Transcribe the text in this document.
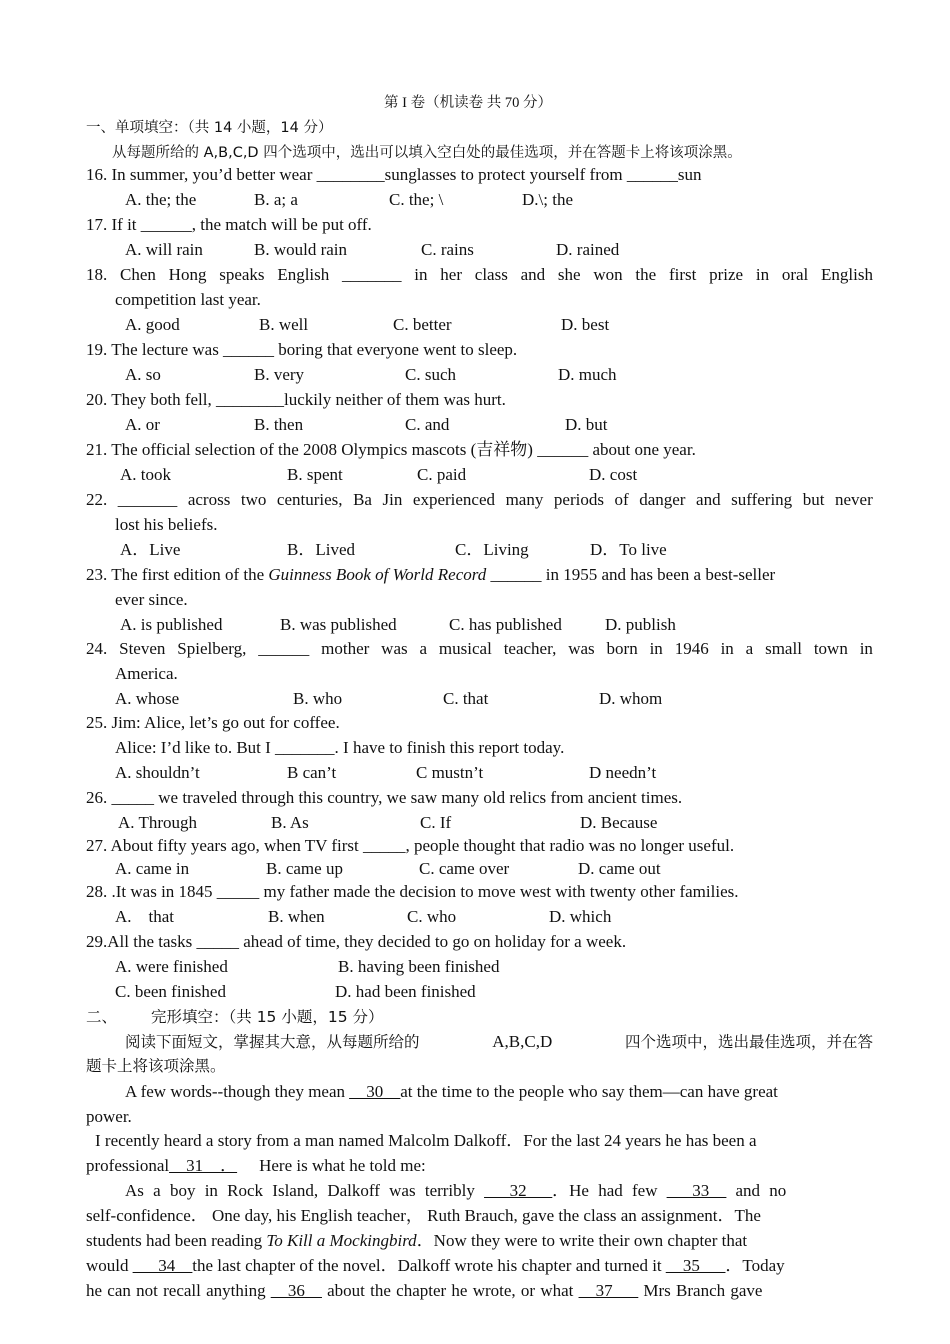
第 I 卷（机读卷 共 70 分）
一、单项填空：（共 14 小题，14 分）
从每题所给的 A,B,C,D 四个选项中，选出可以填入空白处的最佳选项，并在答题卡上将该项涂黑。
16. In summer, you’d better wear ________sunglasses to protect yourself from ______sun
A. the; the	B. a; a	C. the; \	D.\; the
17. If it ______, the match will be put off.
A. will rain	B. would rain	C. rains	D. rained
18. Chen Hong speaks English _______ in her class and she won the first prize in oral English
competition last year.
A. good	B. well	C. better	D. best
19. The lecture was ______ boring that everyone went to sleep.
A. so	B. very	C. such	D. much
20. They both fell, ________luckily neither of them was hurt.
A. or	B. then	C. and	D. but
21. The official selection of the 2008 Olympics mascots (吉祥物) ______ about one year.
A. took	B. spent	C. paid	D. cost
22. _______ across two centuries, Ba Jin experienced many periods of danger and suffering but never
lost his beliefs.
A．Live	B．Lived	C．Living	D．To live
23. The first edition of the Guinness Book of World Record ______ in 1955 and has been a best-seller
ever since.
A. is published	B. was published	C. has published	D. publish
24. Steven Spielberg, ______ mother was a musical teacher, was born in 1946 in a small town in
America.
A. whose	B. who	C. that	D. whom
25. Jim: Alice, let’s go out for coffee.
Alice: I’d like to. But I _______. I have to finish this report today.
A. shouldn’t	B can’t	C mustn’t	D needn’t
26. _____ we traveled through this country, we saw many old relics from ancient times.
A. Through	B. As	C. If	D. Because
27. About fifty years ago, when TV first _____, people thought that radio was no longer useful.
A. came in	B. came up	C. came over	D. came out
28. .It was in 1845 _____ my father made the decision to move west with twenty other families.
A.    that	B. when	C. who	D. which
29.All the tasks _____ ahead of time, they decided to go on holiday for a week.
A. were finished	B. having been finished
C. been finished	D. had been finished
二、 完形填空：（共 15 小题，15 分）
阅读下面短文，掌握其大意，从每题所给的	A,B,C,D	四个选项中，选出最佳选项，并在答
题卡上将该项涂黑。
A few words--though they mean __30__at the time to the people who say them—can have great
power.
I recently heard a story from a man named Malcolm Dalkoff．For the last 24 years he has been a
professional__31__． Here is what he told me:
As a boy in Rock Island, Dalkoff was terribly ___32___．He had few ___33__ and no
self-confidence． One day, his English teacher， Ruth Brauch, gave the class an assignment．The
students had been reading To Kill a Mockingbird．Now they were to write their own chapter that
would ___34__the last chapter of the novel．Dalkoff wrote his chapter and turned it __35___．Today
he can not recall anything __36__ about the chapter he wrote, or what __37___ Mrs Branch gave
